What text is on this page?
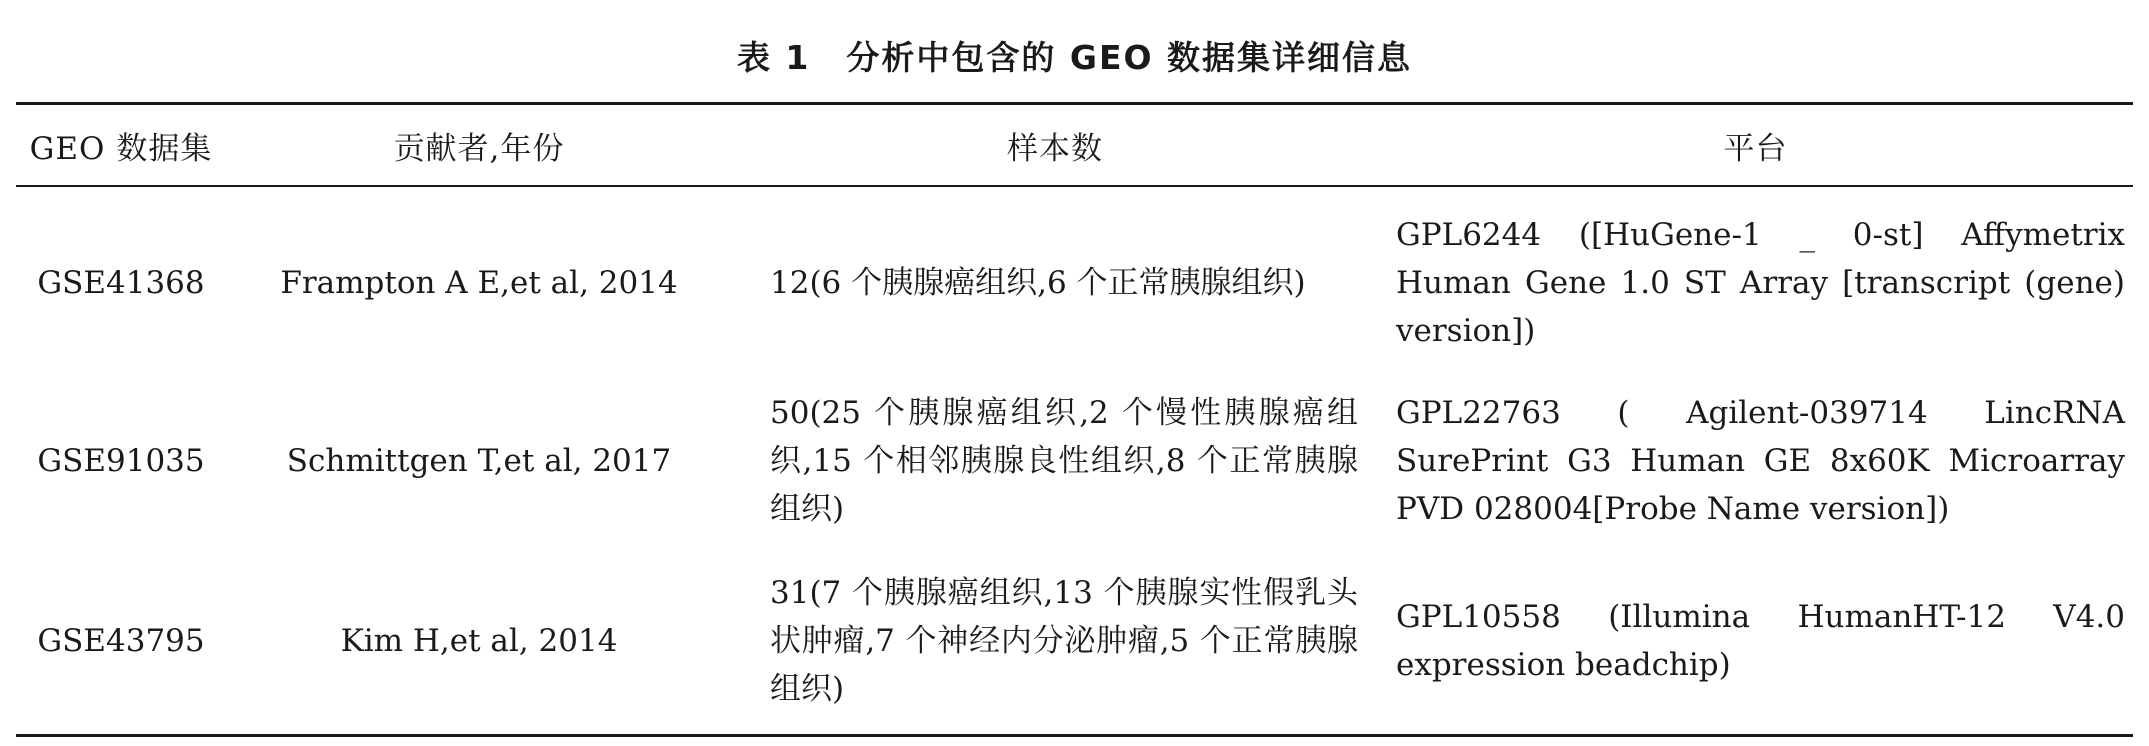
表 1 分析中包含的 GEO 数据集详细信息
GEO 数据集	贡献者,年份	样本数	平台
GSE41368	Frampton A E,et al, 2014	12(6 个胰腺癌组织,6 个正常胰腺组织)	GPL6244 ([HuGene-1 _ 0-st] Affymetrix Human Gene 1.0 ST Array [transcript (gene) version])
GSE91035	Schmittgen T,et al, 2017	50(25 个胰腺癌组织,2 个慢性胰腺癌组织,15 个相邻胰腺良性组织,8 个正常胰腺组织)	GPL22763 ( Agilent-039714 LincRNA SurePrint G3 Human GE 8x60K Microarray PVD 028004[Probe Name version])
GSE43795	Kim H,et al, 2014	31(7 个胰腺癌组织,13 个胰腺实性假乳头状肿瘤,7 个神经内分泌肿瘤,5 个正常胰腺组织)	GPL10558 (Illumina HumanHT-12 V4.0 expression beadchip)
